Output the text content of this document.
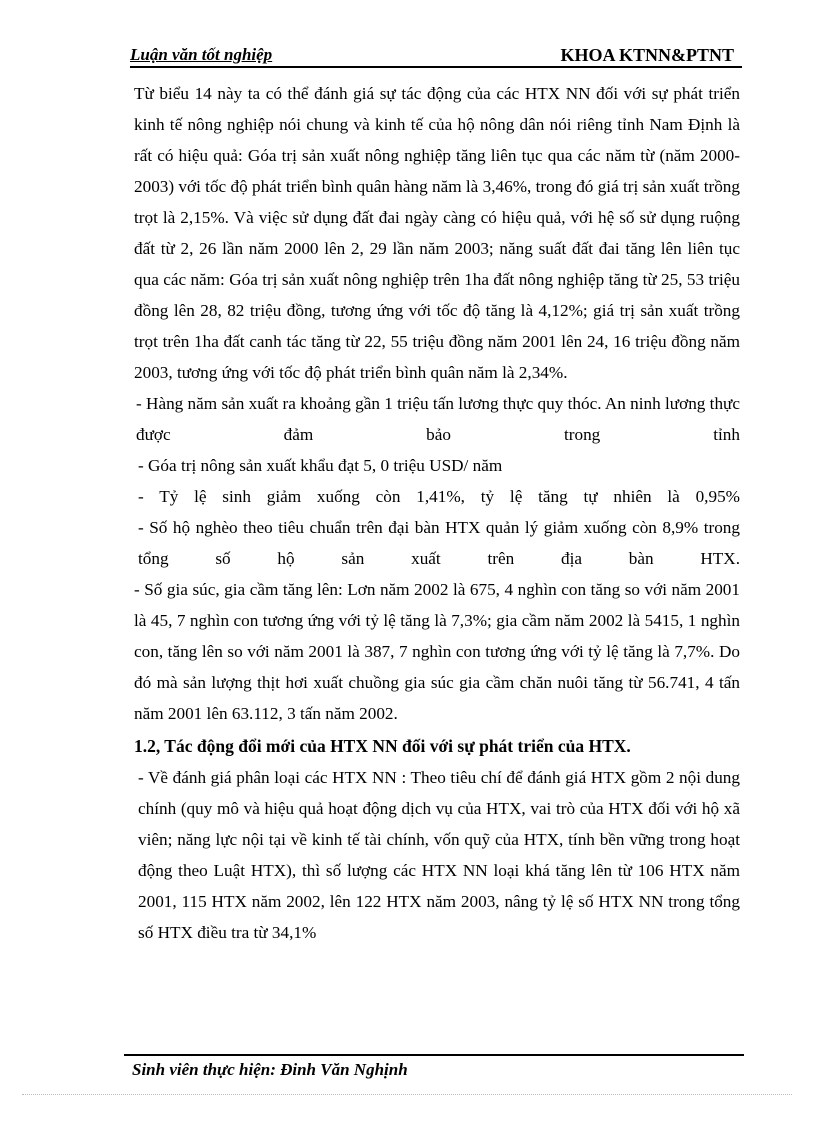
Luận văn tốt nghiệp	KHOA KTNN&PTNT

Từ biểu 14 này ta có thể đánh giá sự tác động của các HTX NN đối với sự phát triển kinh tế nông nghiệp nói chung và kinh tế của hộ nông dân nói riêng tỉnh Nam Định là rất có hiệu quả: Góa trị sản xuất nông nghiệp tăng liên tục qua các năm từ (năm 2000-2003) với tốc độ phát triển bình quân hàng năm là 3,46%, trong đó giá trị sản xuất trồng trọt là 2,15%. Và việc sử dụng đất đai ngày càng có hiệu quả, với hệ số sử dụng ruộng đất từ 2, 26 lần năm 2000 lên 2, 29 lần năm 2003; năng suất đất đai tăng lên liên tục qua các năm: Góa trị sản xuất nông nghiệp trên 1ha đất nông nghiệp tăng từ 25, 53 triệu đồng lên 28, 82 triệu đồng, tương ứng với tốc độ tăng là 4,12%; giá trị sản xuất trồng trọt trên 1ha đất canh tác tăng từ 22, 55 triệu đồng năm 2001 lên 24, 16 triệu đồng năm 2003, tương ứng với tốc độ phát triển bình quân năm là 2,34%.

- Hàng năm sản xuất ra khoảng gần 1 triệu tấn lương thực quy thóc. An ninh lương thực được đảm bảo trong tỉnh

- Góa trị nông sản xuất khẩu đạt 5, 0 triệu USD/ năm

- Tỷ lệ sinh giảm xuống còn 1,41%, tỷ lệ tăng tự nhiên là 0,95%

- Số hộ nghèo theo tiêu chuẩn trên đại bàn HTX quản lý giảm xuống còn 8,9% trong tổng số hộ sản xuất trên địa bàn HTX.

- Số gia súc, gia cầm tăng lên: Lơn năm 2002 là 675, 4 nghìn con tăng so với năm 2001 là 45, 7 nghìn con tương ứng với tỷ lệ tăng là 7,3%; gia cầm năm 2002 là 5415, 1 nghìn con, tăng lên so với năm 2001 là 387, 7 nghìn con tương ứng với tỷ lệ tăng là 7,7%. Do đó mà sản lượng thịt hơi xuất chuồng gia súc gia cầm chăn nuôi tăng từ 56.741, 4 tấn năm 2001 lên 63.112, 3 tấn năm 2002.

1.2, Tác động đổi mới của HTX NN đối với sự phát triển của HTX.

- Về đánh giá phân loại các HTX NN : Theo tiêu chí để đánh giá HTX gồm 2 nội dung chính (quy mô và hiệu quả hoạt động dịch vụ của HTX, vai trò của HTX đối với hộ xã viên; năng lực nội tại về kinh tế tài chính, vốn quỹ của HTX, tính bền vững trong hoạt động theo Luật HTX), thì số lượng các HTX NN loại khá tăng lên từ 106 HTX năm 2001, 115 HTX năm 2002, lên 122 HTX năm 2003, nâng tỷ lệ số HTX NN trong tổng số HTX điều tra từ 34,1%

Sinh viên thực hiện: Đinh Văn Nghịnh
